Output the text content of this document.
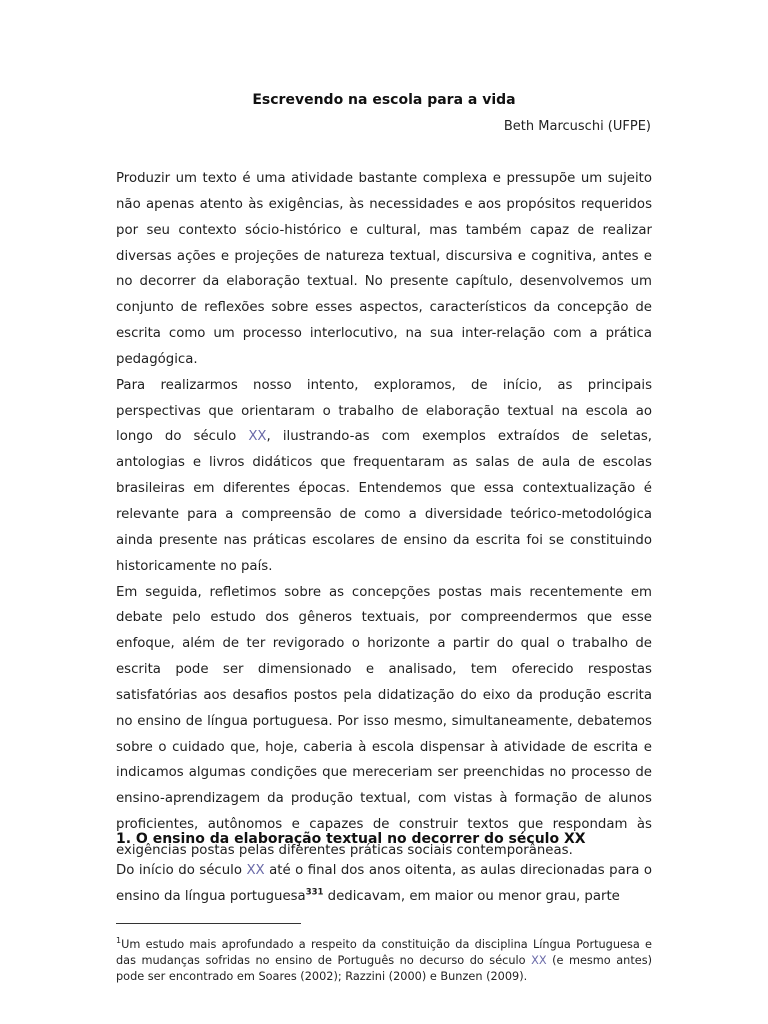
Escrevendo na escola para a vida
Beth Marcuschi (UFPE)

Produzir um texto é uma atividade bastante complexa e pressupõe um sujeito não apenas atento às exigências, às necessidades e aos propósitos requeridos por seu contexto sócio-histórico e cultural, mas também capaz de realizar diversas ações e projeções de natureza textual, discursiva e cognitiva, antes e no decorrer da elaboração textual. No presente capítulo, desenvolvemos um conjunto de reflexões sobre esses aspectos, característicos da concepção de escrita como um processo interlocutivo, na sua inter-relação com a prática pedagógica.

Para realizarmos nosso intento, exploramos, de início, as principais perspectivas que orientaram o trabalho de elaboração textual na escola ao longo do século XX, ilustrando-as com exemplos extraídos de seletas, antologias e livros didáticos que frequentaram as salas de aula de escolas brasileiras em diferentes épocas. Entendemos que essa contextualização é relevante para a compreensão de como a diversidade teórico-metodológica ainda presente nas práticas escolares de ensino da escrita foi se constituindo historicamente no país.

Em seguida, refletimos sobre as concepções postas mais recentemente em debate pelo estudo dos gêneros textuais, por compreendermos que esse enfoque, além de ter revigorado o horizonte a partir do qual o trabalho de escrita pode ser dimensionado e analisado, tem oferecido respostas satisfatórias aos desafios postos pela didatização do eixo da produção escrita no ensino de língua portuguesa. Por isso mesmo, simultaneamente, debatemos sobre o cuidado que, hoje, caberia à escola dispensar à atividade de escrita e indicamos algumas condições que mereceriam ser preenchidas no processo de ensino-aprendizagem da produção textual, com vistas à formação de alunos proficientes, autônomos e capazes de construir textos que respondam às exigências postas pelas diferentes práticas sociais contemporâneas.

1. O ensino da elaboração textual no decorrer do século XX

Do início do século XX até o final dos anos oitenta, as aulas direcionadas para o ensino da língua portuguesa$^{331}$ dedicavam, em maior ou menor grau, parte

$^1$Um estudo mais aprofundado a respeito da constituição da disciplina Língua Portuguesa e das mudanças sofridas no ensino de Português no decurso do século XX (e mesmo antes) pode ser encontrado em Soares (2002); Razzini (2000) e Bunzen (2009).
